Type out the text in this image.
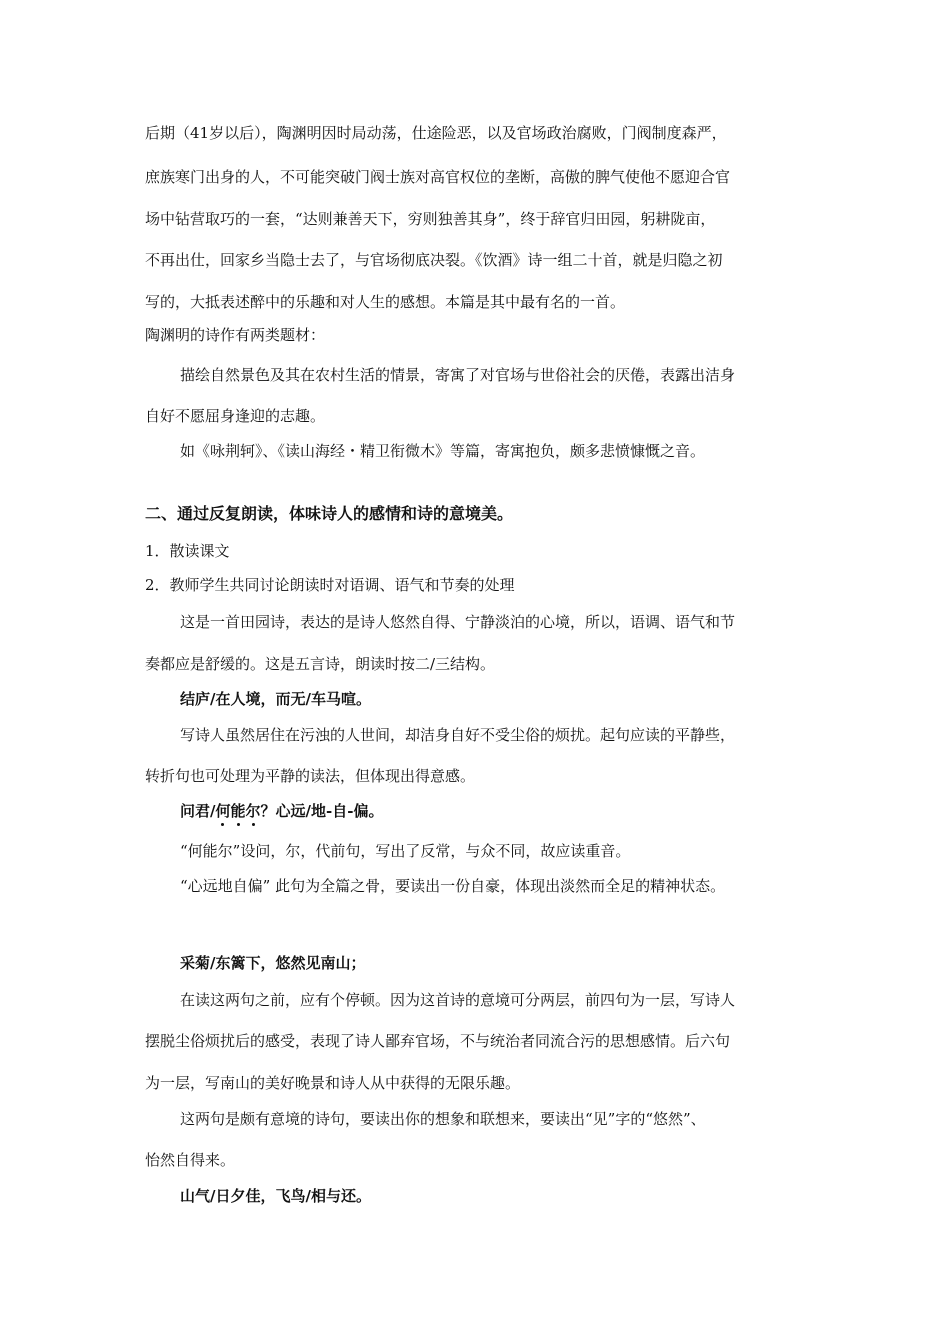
后期（41岁以后），陶渊明因时局动荡，仕途险恶，以及官场政治腐败，门阀制度森严，
庶族寒门出身的人，不可能突破门阀士族对高官权位的垄断，高傲的脾气使他不愿迎合官
场中钻营取巧的一套，“达则兼善天下，穷则独善其身”，终于辞官归田园，躬耕陇亩，
不再出仕，回家乡当隐士去了，与官场彻底决裂。《饮酒》诗一组二十首，就是归隐之初
写的，大抵表述醉中的乐趣和对人生的感想。本篇是其中最有名的一首。
陶渊明的诗作有两类题材：
描绘自然景色及其在农村生活的情景，寄寓了对官场与世俗社会的厌倦，表露出洁身
自好不愿屈身逢迎的志趣。
如《咏荆轲》、《读山海经・精卫衔微木》等篇，寄寓抱负，颇多悲愤慷慨之音。
二、通过反复朗读，体味诗人的感情和诗的意境美。
1．散读课文
2．教师学生共同讨论朗读时对语调、语气和节奏的处理
这是一首田园诗，表达的是诗人悠然自得、宁静淡泊的心境，所以，语调、语气和节
奏都应是舒缓的。这是五言诗，朗读时按二/三结构。
结庐/在人境，而无/车马喧。
写诗人虽然居住在污浊的人世间，却洁身自好不受尘俗的烦扰。起句应读的平静些，
转折句也可处理为平静的读法，但体现出得意感。
问君/何能尔？心远/地-自-偏。
“何能尔”设问，尔，代前句，写出了反常，与众不同，故应读重音。
“心远地自偏” 此句为全篇之骨，要读出一份自豪，体现出淡然而全足的精神状态。
采菊/东篱下，悠然见南山；
在读这两句之前，应有个停顿。因为这首诗的意境可分两层，前四句为一层，写诗人
摆脱尘俗烦扰后的感受，表现了诗人鄙弃官场，不与统治者同流合污的思想感情。后六句
为一层，写南山的美好晚景和诗人从中获得的无限乐趣。
这两句是颇有意境的诗句，要读出你的想象和联想来，要读出“见”字的“悠然”、
怡然自得来。
山气/日夕佳，飞鸟/相与还。
